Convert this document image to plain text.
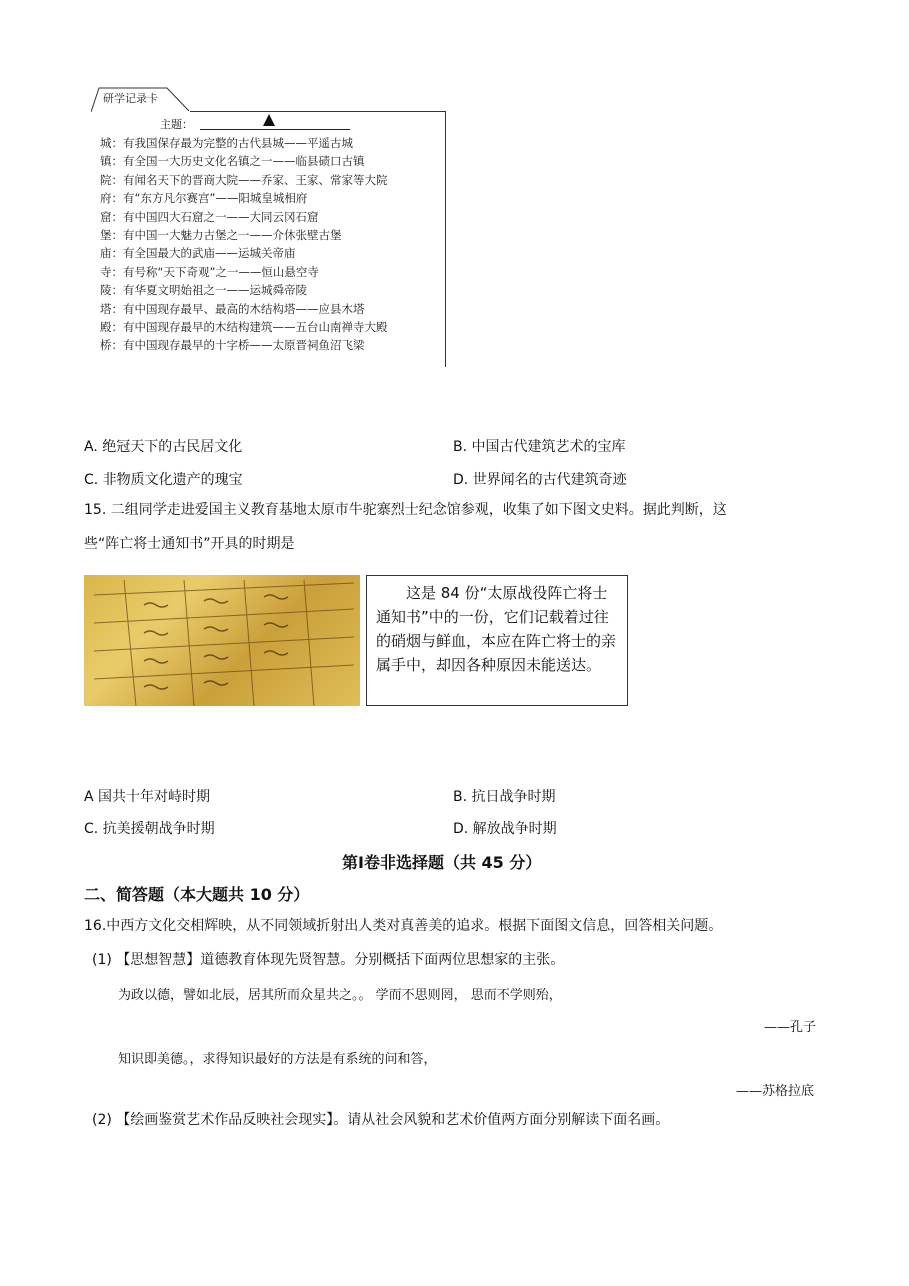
研学记录卡
主题：
城：有我国保存最为完整的古代县城——平遥古城
镇：有全国一大历史文化名镇之一——临县碛口古镇
院：有闻名天下的晋商大院——乔家、王家、常家等大院
府：有“东方凡尔赛宫”——阳城皇城相府
窟：有中国四大石窟之一——大同云冈石窟
堡：有中国一大魅力古堡之一——介休张壁古堡
庙：有全国最大的武庙——运城关帝庙
寺：有号称“天下奇观”之一——恒山悬空寺
陵：有华夏文明始祖之一——运城舜帝陵
塔：有中国现存最早、最高的木结构塔——应县木塔
殿：有中国现存最早的木结构建筑——五台山南禅寺大殿
桥：有中国现存最早的十字桥——太原晋祠鱼沼飞梁
A. 绝冠天下的古民居文化	B. 中国古代建筑艺术的宝库
C. 非物质文化遗产的瑰宝	D. 世界闻名的古代建筑奇迹
15. 二组同学走进爱国主义教育基地太原市牛驼寨烈士纪念馆参观，收集了如下图文史料。据此判断，这
些“阵亡将士通知书”开具的时期是
这是 84 份“太原战役阵亡将士通知书”中的一份，它们记载着过往的硝烟与鲜血，本应在阵亡将士的亲属手中，却因各种原因未能送达。
A 国共十年对峙时期	B. 抗日战争时期
C. 抗美援朝战争时期	D. 解放战争时期
第Ⅰ卷非选择题（共 45 分）
二、简答题（本大题共 10 分）
16.中西方文化交相辉映，从不同领域折射出人类对真善美的追求。根据下面图文信息，回答相关问题。
(1) 【思想智慧】道德教育体现先贤智慧。分别概括下面两位思想家的主张。
为政以德，譬如北辰，居其所而众星共之。。 学而不思则罔， 思而不学则殆，
——孔子
知识即美德。，求得知识最好的方法是有系统的问和答，
——苏格拉底
(2) 【绘画鉴赏艺术作品反映社会现实】。请从社会风貌和艺术价值两方面分别解读下面名画。
